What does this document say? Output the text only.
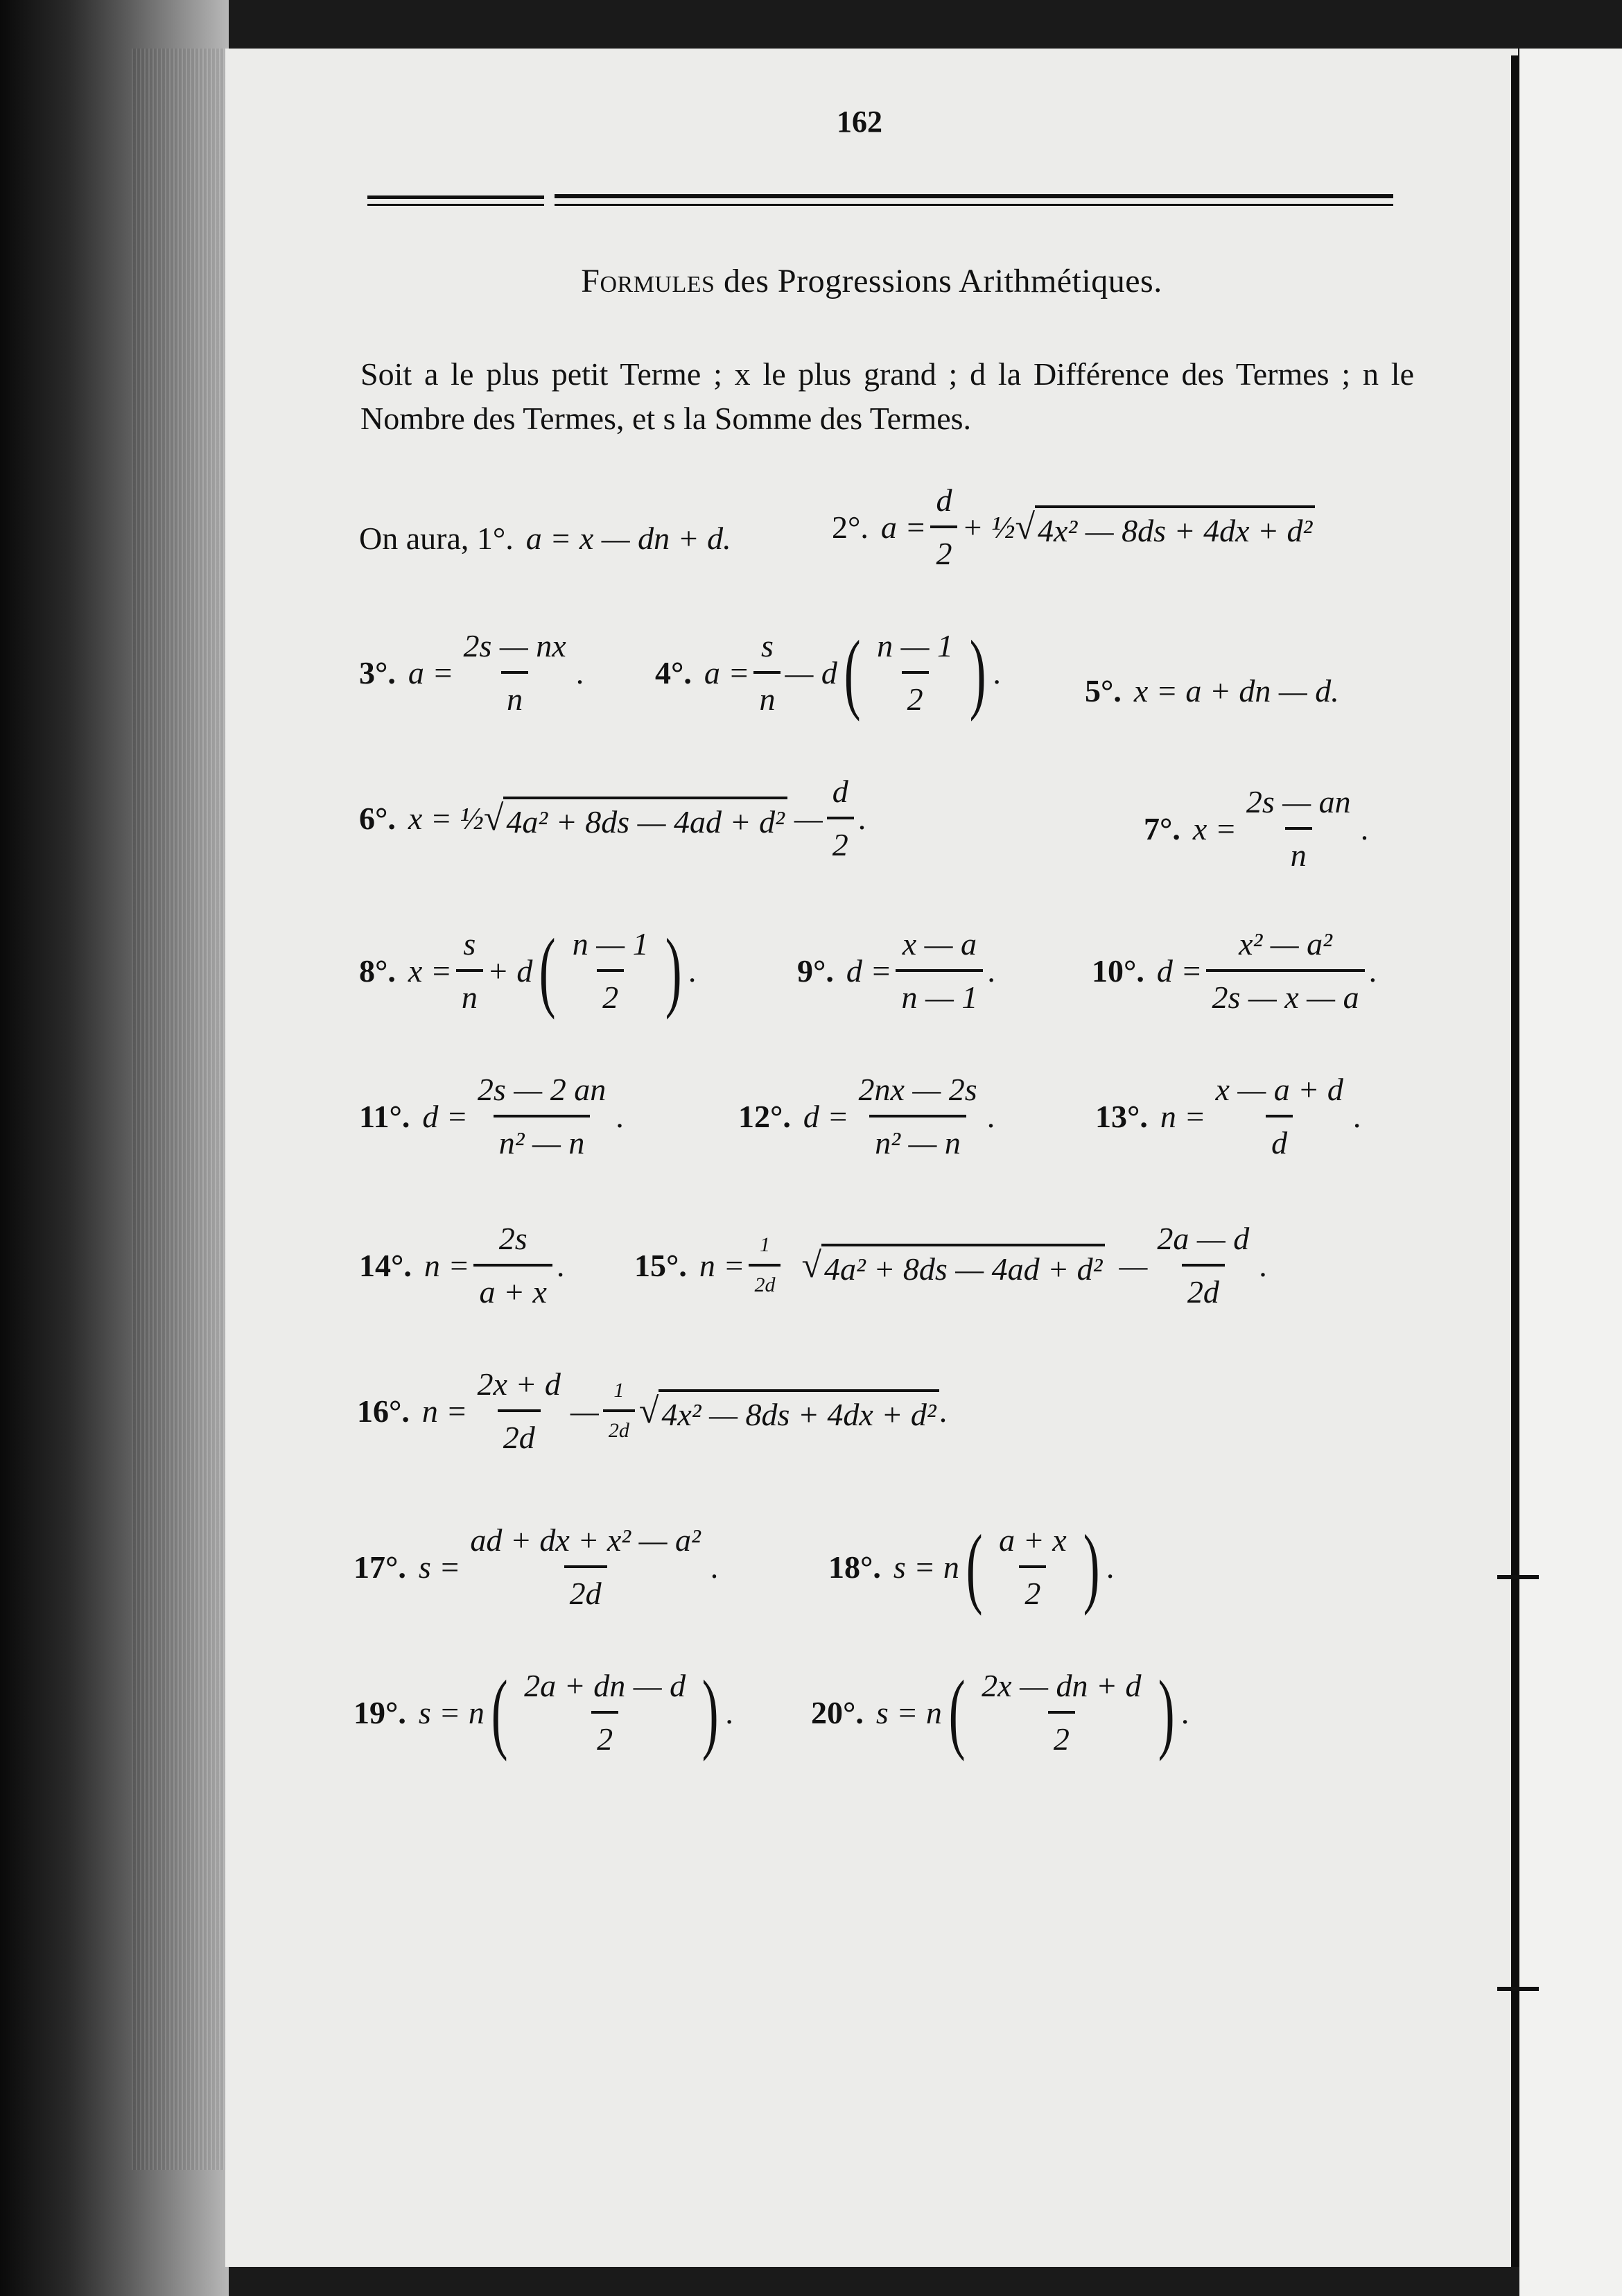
162
Formules des Progressions Arithmétiques.
Soit a le plus petit Terme ; x le plus grand ; d la Différence des Termes ; n le Nombre des Termes, et s la Somme des Termes.
On aura, 1°. a = x — dn + d.	2°. $a = \frac{d}{2}$ + ½ √ 4x² — 8ds + 4dx + d²
3°. $a = \frac{2s — nx}{n}$ . 4°. $a = \frac{s}{n}$ — d ( $\frac{n — 1}{2}$ ) .
5°. x = a + dn — d.
6°. x = ½ √ 4a² + 8ds — 4ad + d² — $\frac{d}{2}$ .	7°. $x = \frac{2s — an}{n}$ .
8°. $x = \frac{s}{n} + d$ ( $\frac{n — 1}{2}$ ) .	9°. $d = \frac{x — a}{n — 1}$ .	10°. $d = \frac{\text{x² — a²}}{2s — x — a}$ .
11°. $d = \frac{2s — 2 an}{\text{n² — n}}$ .	12°. $d = \frac{2nx — 2s}{\text{n² — n}}$ .	13°. $n = \frac{x — a + d}{d}$ .
14°. $n = \frac{2s}{a + x}$ . 15°. $n = \frac{1}{2d}$ √ 4a² + 8ds — 4ad + d² — $\frac{2a — d}{2d}$ .
16°. $n = \frac{2x + d}{2d}$ — $\frac{1}{2d}$ √ 4x² — 8ds + 4dx + d² .
17°. $s = \frac{\text{ad + dx + x² — a²}}{2d}$ .	18°. s = n ( $\frac{a + x}{2}$ ) .
19°. s = n ( $\frac{2a + dn — d}{2}$ ) . 20°. s = n ( $\frac{2x — dn + d}{2}$ ) .
